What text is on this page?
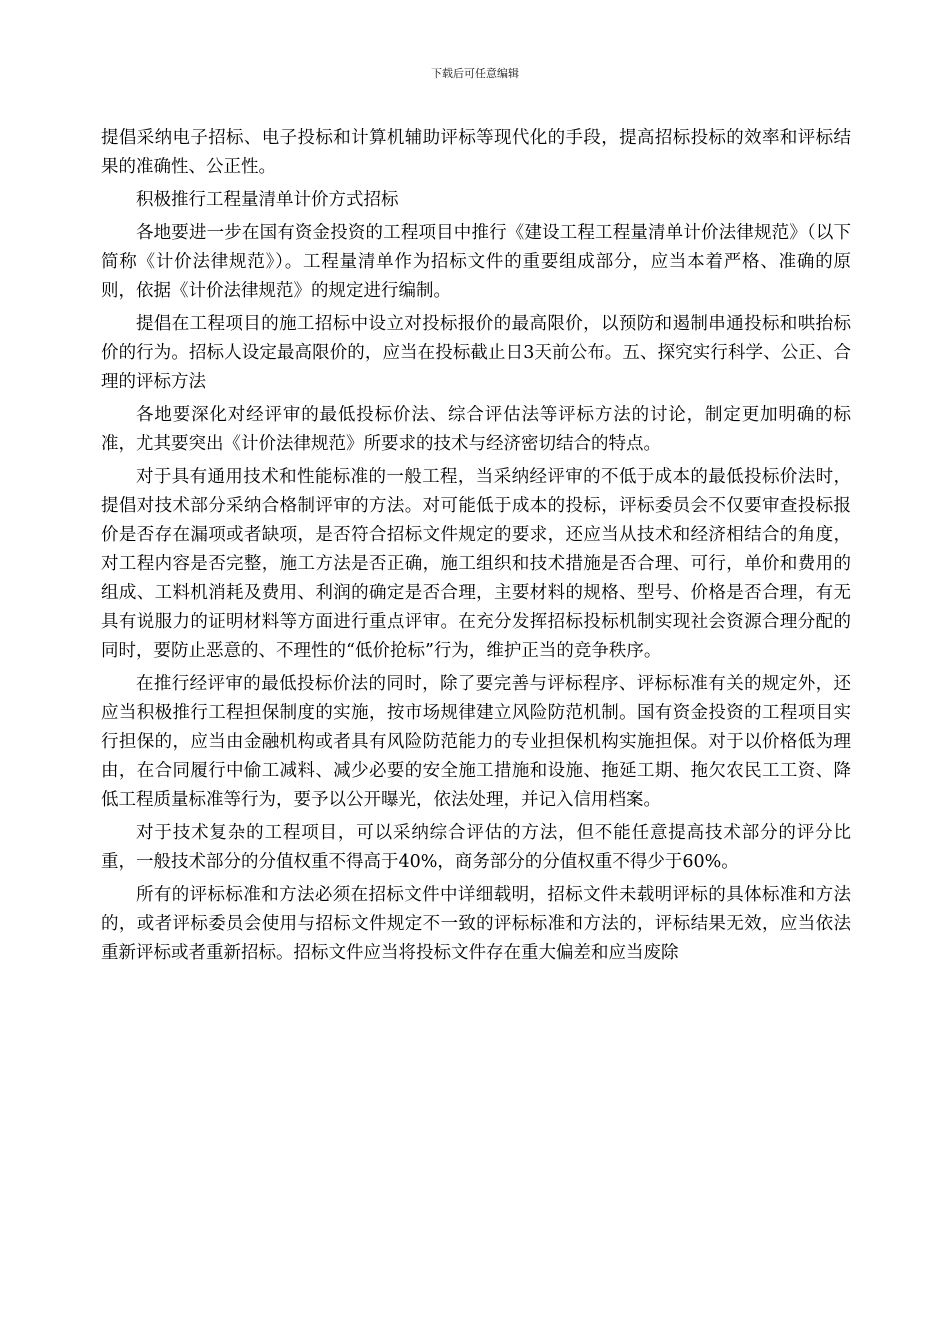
下载后可任意编辑

提倡采纳电子招标、电子投标和计算机辅助评标等现代化的手段，提高招标投标的效率和评标结果的准确性、公正性。

积极推行工程量清单计价方式招标

各地要进一步在国有资金投资的工程项目中推行《建设工程工程量清单计价法律规范》（以下简称《计价法律规范》）。工程量清单作为招标文件的重要组成部分，应当本着严格、准确的原则，依据《计价法律规范》的规定进行编制。

提倡在工程项目的施工招标中设立对投标报价的最高限价，以预防和遏制串通投标和哄抬标价的行为。招标人设定最高限价的，应当在投标截止日3天前公布。五、探究实行科学、公正、合理的评标方法

各地要深化对经评审的最低投标价法、综合评估法等评标方法的讨论，制定更加明确的标准，尤其要突出《计价法律规范》所要求的技术与经济密切结合的特点。

对于具有通用技术和性能标准的一般工程，当采纳经评审的不低于成本的最低投标价法时，提倡对技术部分采纳合格制评审的方法。对可能低于成本的投标，评标委员会不仅要审查投标报价是否存在漏项或者缺项，是否符合招标文件规定的要求，还应当从技术和经济相结合的角度，对工程内容是否完整，施工方法是否正确，施工组织和技术措施是否合理、可行，单价和费用的组成、工料机消耗及费用、利润的确定是否合理，主要材料的规格、型号、价格是否合理，有无具有说服力的证明材料等方面进行重点评审。在充分发挥招标投标机制实现社会资源合理分配的同时，要防止恶意的、不理性的“低价抢标”行为，维护正当的竞争秩序。

在推行经评审的最低投标价法的同时，除了要完善与评标程序、评标标准有关的规定外，还应当积极推行工程担保制度的实施，按市场规律建立风险防范机制。国有资金投资的工程项目实行担保的，应当由金融机构或者具有风险防范能力的专业担保机构实施担保。对于以价格低为理由，在合同履行中偷工减料、减少必要的安全施工措施和设施、拖延工期、拖欠农民工工资、降低工程质量标准等行为，要予以公开曝光，依法处理，并记入信用档案。

对于技术复杂的工程项目，可以采纳综合评估的方法，但不能任意提高技术部分的评分比重，一般技术部分的分值权重不得高于40%，商务部分的分值权重不得少于60%。

所有的评标标准和方法必须在招标文件中详细载明，招标文件未载明评标的具体标准和方法的，或者评标委员会使用与招标文件规定不一致的评标标准和方法的，评标结果无效，应当依法重新评标或者重新招标。招标文件应当将投标文件存在重大偏差和应当废除
